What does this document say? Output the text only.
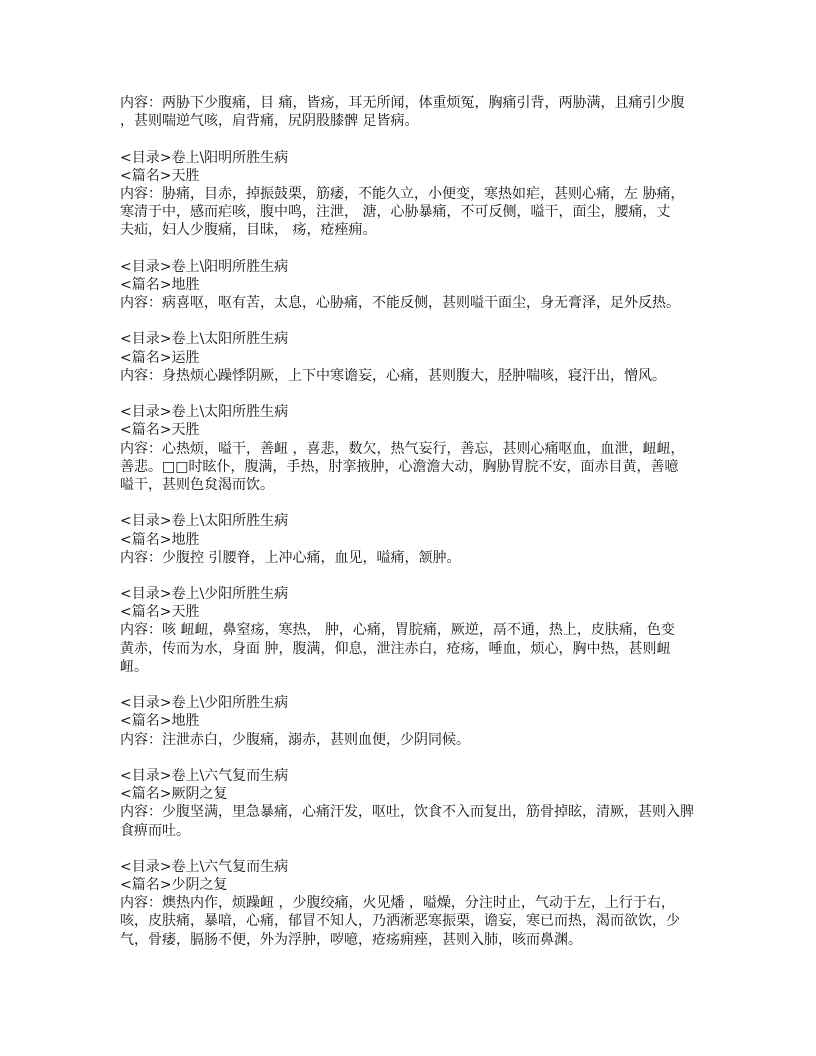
内容：两胁下少腹痛，目 痛，皆疡，耳无所闻，体重烦冤，胸痛引背，两胁满，且痛引少腹
，甚则喘逆气咳，肩背痛，尻阴股膝髀 足皆病。
<目录>卷上\阳明所胜生病
<篇名>天胜
内容：胁痛，目赤，掉振鼓栗，筋痿，不能久立，小便变，寒热如疟，甚则心痛，左 胁痛，
寒清于中，感而疟咳，腹中鸣，注泄， 溏，心胁暴痛，不可反侧，嗌干，面尘，腰痛，丈
夫疝，妇人少腹痛，目昧， 疡，疮痤痈。
<目录>卷上\阳明所胜生病
<篇名>地胜
内容：病喜呕，呕有苦，太息，心胁痛，不能反侧，甚则嗌干面尘，身无膏泽，足外反热。
<目录>卷上\太阳所胜生病
<篇名>运胜
内容：身热烦心躁悸阴厥，上下中寒谵妄，心痛，甚则腹大，胫肿喘咳，寝汗出，憎风。
<目录>卷上\太阳所胜生病
<篇名>天胜
内容：心热烦，嗌干，善衄 ，喜悲，数欠，热气妄行，善忘，甚则心痛呕血，血泄，衄衄，
善悲。□□时眩仆，腹满，手热，肘挛掖肿，心澹澹大动，胸胁胃脘不安，面赤目黄，善噫
嗌干，甚则色炱渴而饮。
<目录>卷上\太阳所胜生病
<篇名>地胜
内容：少腹控 引腰脊，上冲心痛，血见，嗌痛，颔肿。
<目录>卷上\少阳所胜生病
<篇名>天胜
内容：咳 衄衄，鼻窒疡，寒热， 肿，心痛，胃脘痛，厥逆，鬲不通，热上，皮肤痛，色变
黄赤，传而为水，身面 肿，腹满，仰息，泄注赤白，疮疡，唾血，烦心，胸中热，甚则衄
衄。
<目录>卷上\少阳所胜生病
<篇名>地胜
内容：注泄赤白，少腹痛，溺赤，甚则血便，少阴同候。
<目录>卷上\六气复而生病
<篇名>厥阴之复
内容：少腹坚满，里急暴痛，心痛汗发，呕吐，饮食不入而复出，筋骨掉眩，清厥，甚则入脾
食痹而吐。
<目录>卷上\六气复而生病
<篇名>少阴之复
内容：燠热内作，烦躁衄 ，少腹绞痛，火见燔 ，嗌燥，分注时止，气动于左，上行于右，
咳，皮肤痛，暴喑，心痛，郁冒不知人，乃洒淅恶寒振栗，谵妄，寒已而热，渴而欲饮，少
气，骨痿，膈肠不便，外为浮肿，哕噫，疮疡痈痤，甚则入肺，咳而鼻渊。
